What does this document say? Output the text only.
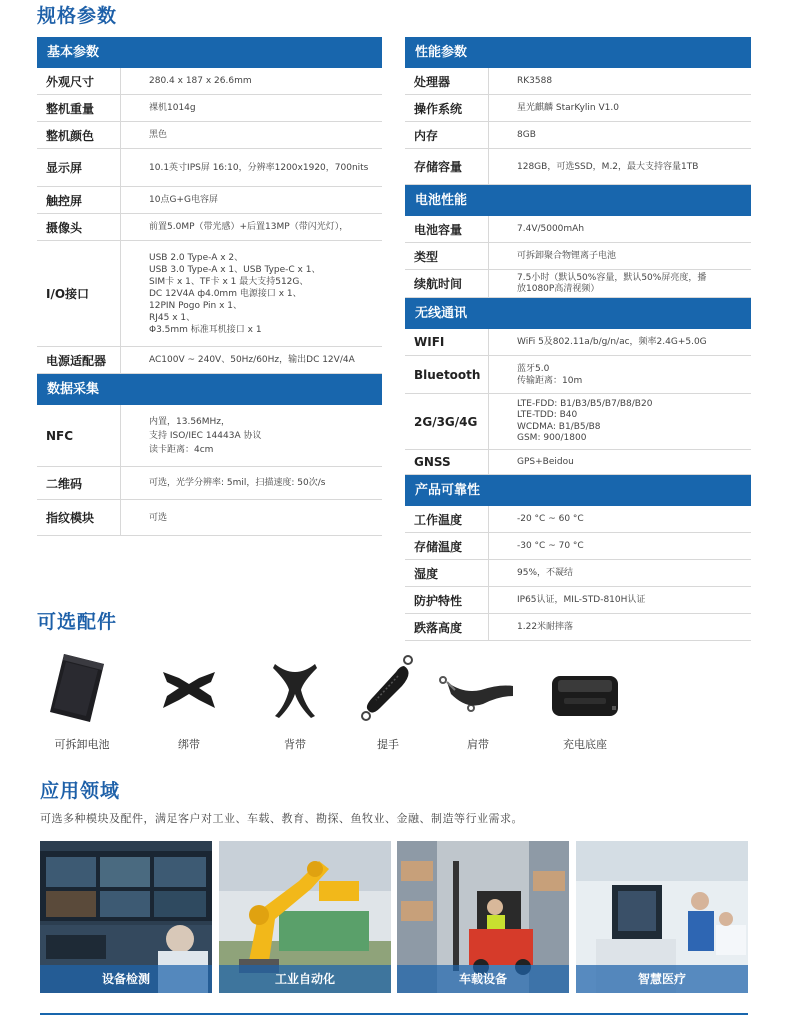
规格参数
基本参数
外观尺寸	280.4 x 187 x 26.6mm
整机重量	裸机1014g
整机颜色	黑色
显示屏	10.1英寸IPS屏 16:10，分辨率1200x1920，700nits
触控屏	10点G+G电容屏
摄像头	前置5.0MP（带光感）+后置13MP（带闪光灯），
I/O接口
USB 2.0 Type-A x 2、
USB 3.0 Type-A x 1、USB Type-C x 1、
SIM卡 x 1、TF卡 x 1 最大支持512G、
DC 12V4A ф4.0mm 电源接口 x 1、
12PIN Pogo Pin x 1、
RJ45 x 1、
Φ3.5mm 标准耳机接口 x 1
电源适配器	AC100V ~ 240V、50Hz/60Hz，输出DC 12V/4A
数据采集
NFC
内置，13.56MHz，
支持 ISO/IEC 14443A 协议
读卡距离：4cm
二维码	可选，光学分辨率: 5mil，扫描速度: 50次/s
指纹模块	可选
性能参数
处理器	RK3588
操作系统	星光麒麟 StarKylin V1.0
内存	8GB
存储容量	128GB，可选SSD，M.2，最大支持容量1TB
电池性能
电池容量	7.4V/5000mAh
类型	可拆卸聚合物锂离子电池
续航时间	7.5小时（默认50%容量，默认50%屏亮度，播
放1080P高清视频）
无线通讯
WIFI	WiFi 5及802.11a/b/g/n/ac，频率2.4G+5.0G
Bluetooth	蓝牙5.0
传输距离：10m
2G/3G/4G
LTE-FDD: B1/B3/B5/B7/B8/B20
LTE-TDD: B40
WCDMA: B1/B5/B8
GSM: 900/1800
GNSS	GPS+Beidou
产品可靠性
工作温度	-20 °C ~ 60 °C
存储温度	-30 °C ~ 70 °C
湿度	95%，不凝结
防护特性	IP65认证，MIL-STD-810H认证
跌落高度	1.22米耐摔落
可选配件
可拆卸电池	绑带	背带	提手	肩带	充电底座
应用领域
可选多种模块及配件，满足客户对工业、车载、教育、勘探、鱼牧业、金融、制造等行业需求。
设备检测	工业自动化	车载设备	智慧医疗
